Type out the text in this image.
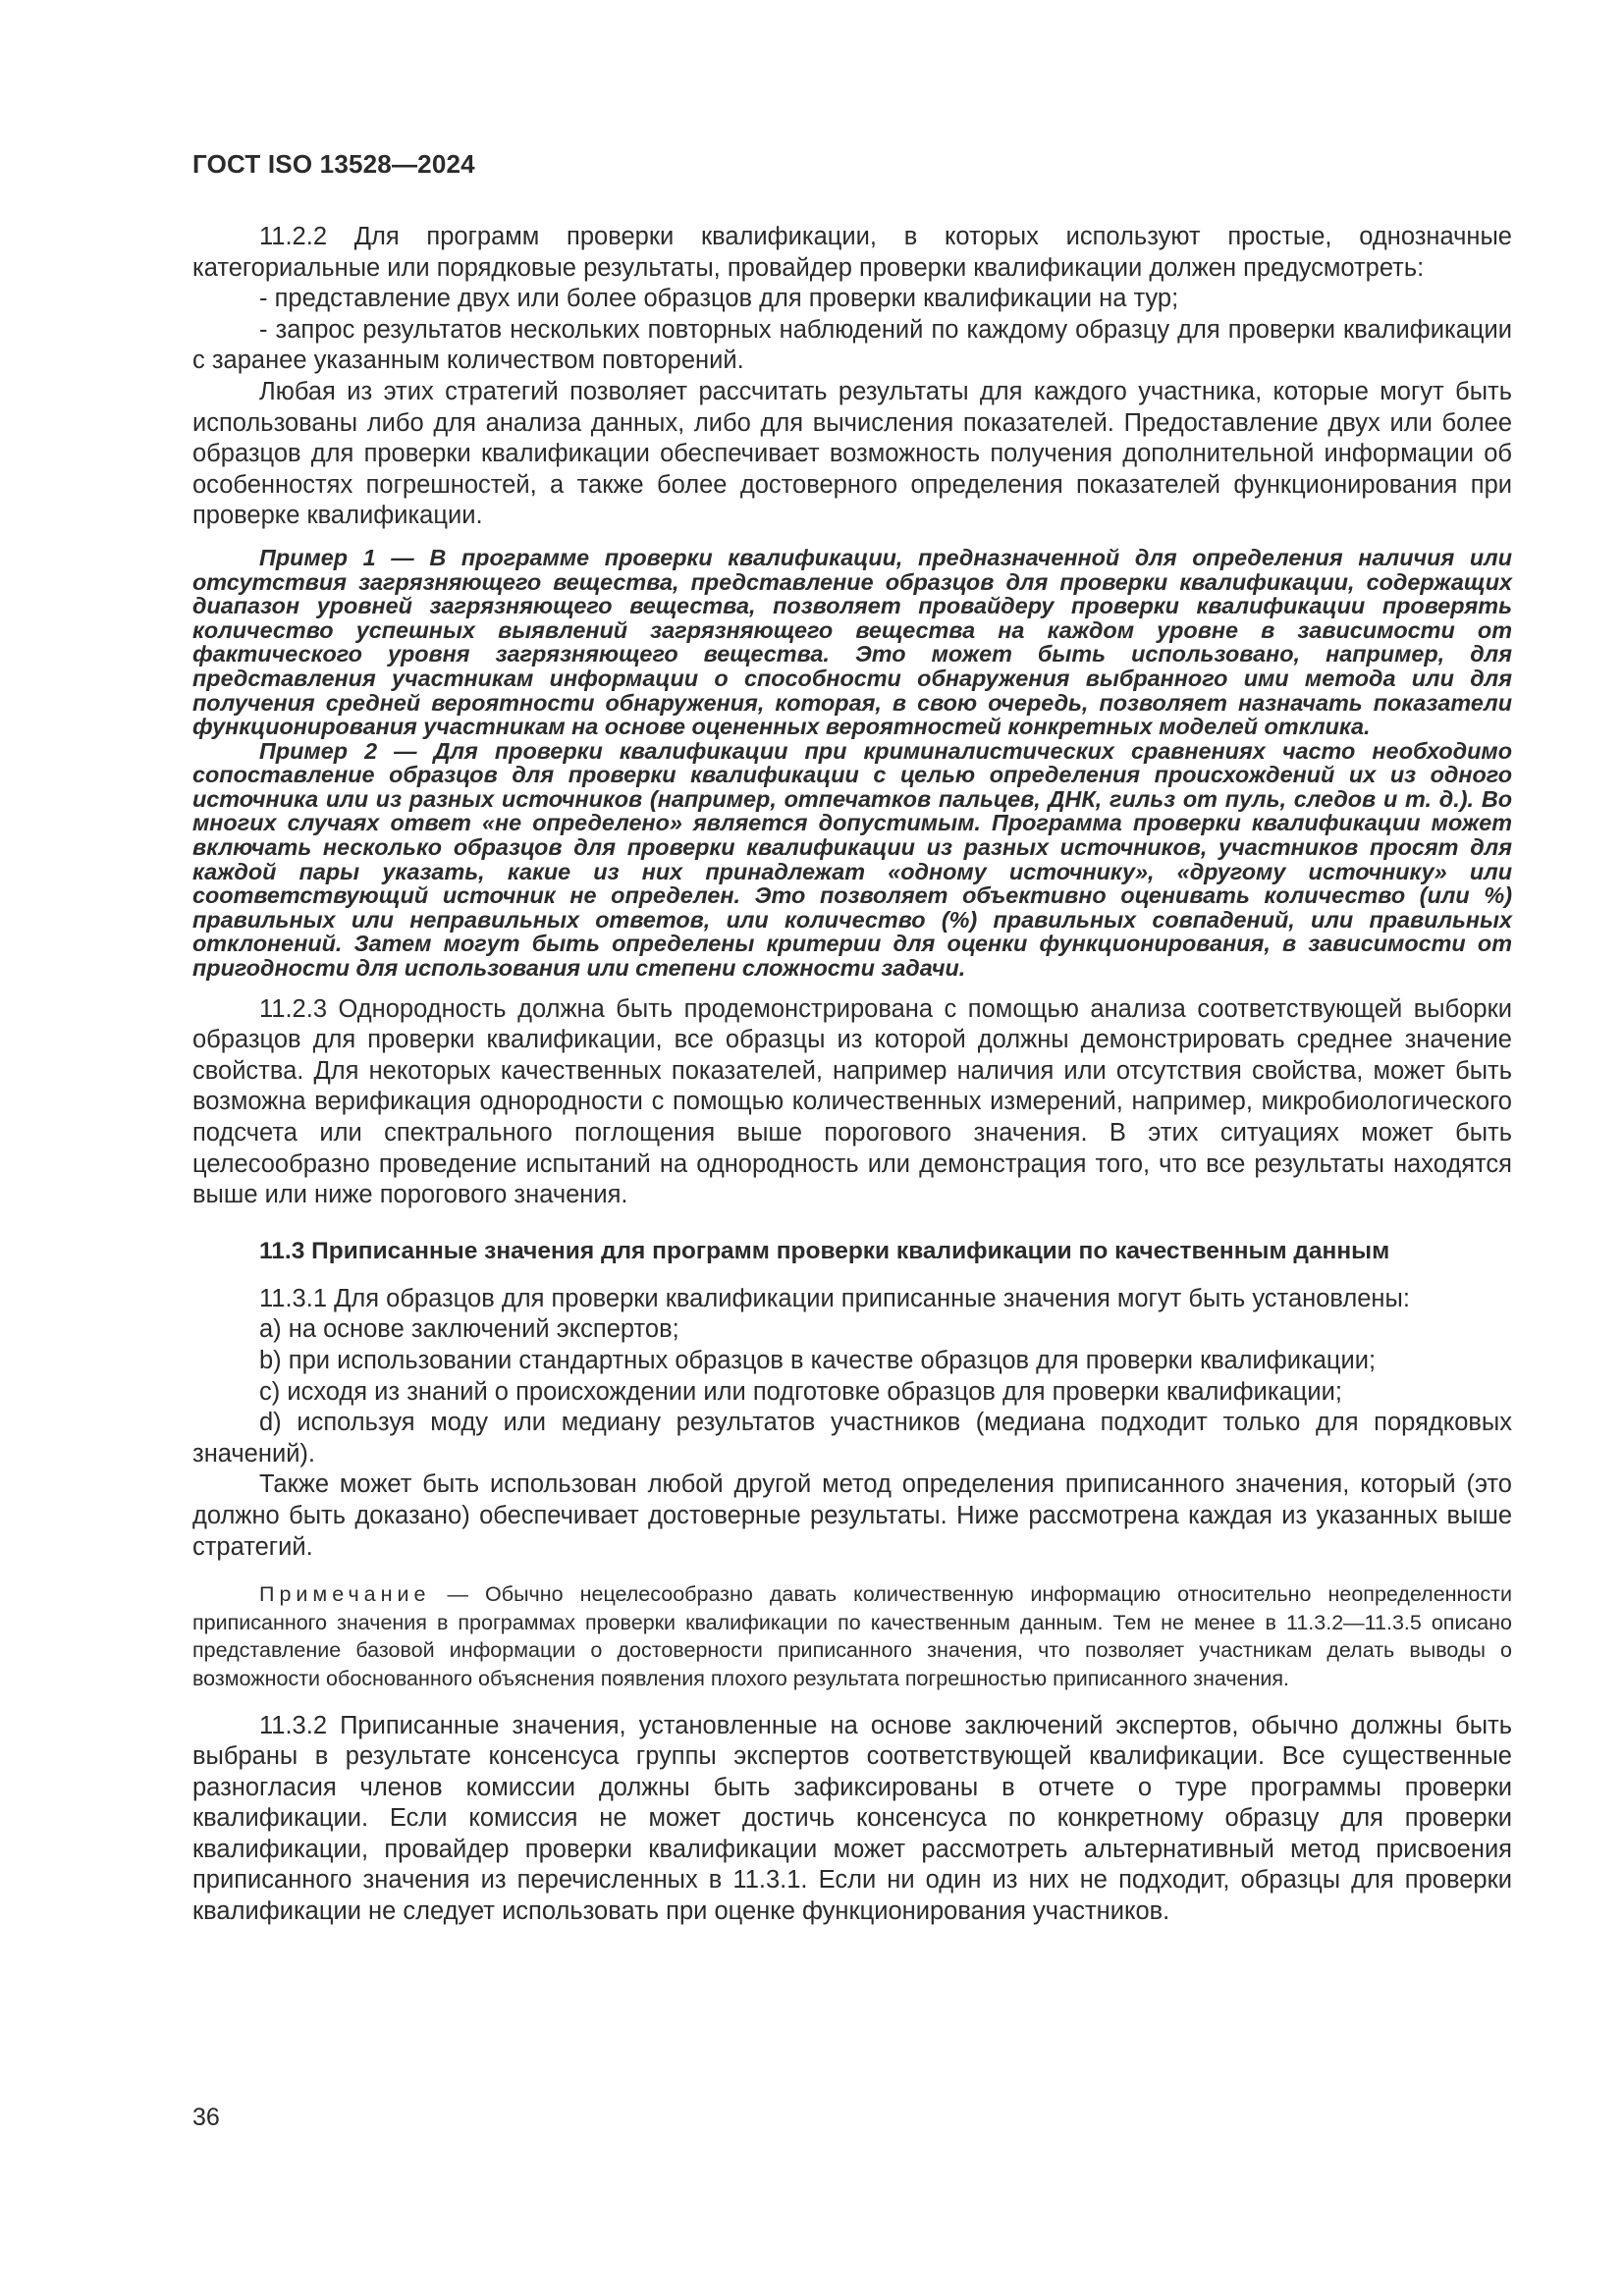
ГОСТ ISO 13528—2024

11.2.2 Для программ проверки квалификации, в которых используют простые, однозначные категориальные или порядковые результаты, провайдер проверки квалификации должен предусмотреть:

- представление двух или более образцов для проверки квалификации на тур;

- запрос результатов нескольких повторных наблюдений по каждому образцу для проверки квалификации с заранее указанным количеством повторений.

Любая из этих стратегий позволяет рассчитать результаты для каждого участника, которые могут быть использованы либо для анализа данных, либо для вычисления показателей. Предоставление двух или более образцов для проверки квалификации обеспечивает возможность получения дополнительной информации об особенностях погрешностей, а также более достоверного определения показателей функционирования при проверке квалификации.

Пример 1 — В программе проверки квалификации, предназначенной для определения наличия или отсутствия загрязняющего вещества, представление образцов для проверки квалификации, содержащих диапазон уровней загрязняющего вещества, позволяет провайдеру проверки квалификации проверять количество успешных выявлений загрязняющего вещества на каждом уровне в зависимости от фактического уровня загрязняющего вещества. Это может быть использовано, например, для представления участникам информации о способности обнаружения выбранного ими метода или для получения средней вероятности обнаружения, которая, в свою очередь, позволяет назначать показатели функционирования участникам на основе оцененных вероятностей конкретных моделей отклика.

Пример 2 — Для проверки квалификации при криминалистических сравнениях часто необходимо сопоставление образцов для проверки квалификации с целью определения происхождений их из одного источника или из разных источников (например, отпечатков пальцев, ДНК, гильз от пуль, следов и т. д.). Во многих случаях ответ «не определено» является допустимым. Программа проверки квалификации может включать несколько образцов для проверки квалификации из разных источников, участников просят для каждой пары указать, какие из них принадлежат «одному источнику», «другому источнику» или соответствующий источник не определен. Это позволяет объективно оценивать количество (или %) правильных или неправильных ответов, или количество (%) правильных совпадений, или правильных отклонений. Затем могут быть определены критерии для оценки функционирования, в зависимости от пригодности для использования или степени сложности задачи.

11.2.3 Однородность должна быть продемонстрирована с помощью анализа соответствующей выборки образцов для проверки квалификации, все образцы из которой должны демонстрировать среднее значение свойства. Для некоторых качественных показателей, например наличия или отсутствия свойства, может быть возможна верификация однородности с помощью количественных измерений, например, микробиологического подсчета или спектрального поглощения выше порогового значения. В этих ситуациях может быть целесообразно проведение испытаний на однородность или демонстрация того, что все результаты находятся выше или ниже порогового значения.

11.3 Приписанные значения для программ проверки квалификации по качественным данным

11.3.1 Для образцов для проверки квалификации приписанные значения могут быть установлены:

a) на основе заключений экспертов;

b) при использовании стандартных образцов в качестве образцов для проверки квалификации;

c) исходя из знаний о происхождении или подготовке образцов для проверки квалификации;

d) используя моду или медиану результатов участников (медиана подходит только для порядковых значений).

Также может быть использован любой другой метод определения приписанного значения, который (это должно быть доказано) обеспечивает достоверные результаты. Ниже рассмотрена каждая из указанных выше стратегий.

Примечание — Обычно нецелесообразно давать количественную информацию относительно неопределенности приписанного значения в программах проверки квалификации по качественным данным. Тем не менее в 11.3.2—11.3.5 описано представление базовой информации о достоверности приписанного значения, что позволяет участникам делать выводы о возможности обоснованного объяснения появления плохого результата погрешностью приписанного значения.

11.3.2 Приписанные значения, установленные на основе заключений экспертов, обычно должны быть выбраны в результате консенсуса группы экспертов соответствующей квалификации. Все существенные разногласия членов комиссии должны быть зафиксированы в отчете о туре программы проверки квалификации. Если комиссия не может достичь консенсуса по конкретному образцу для проверки квалификации, провайдер проверки квалификации может рассмотреть альтернативный метод присвоения приписанного значения из перечисленных в 11.3.1. Если ни один из них не подходит, образцы для проверки квалификации не следует использовать при оценке функционирования участников.

36
